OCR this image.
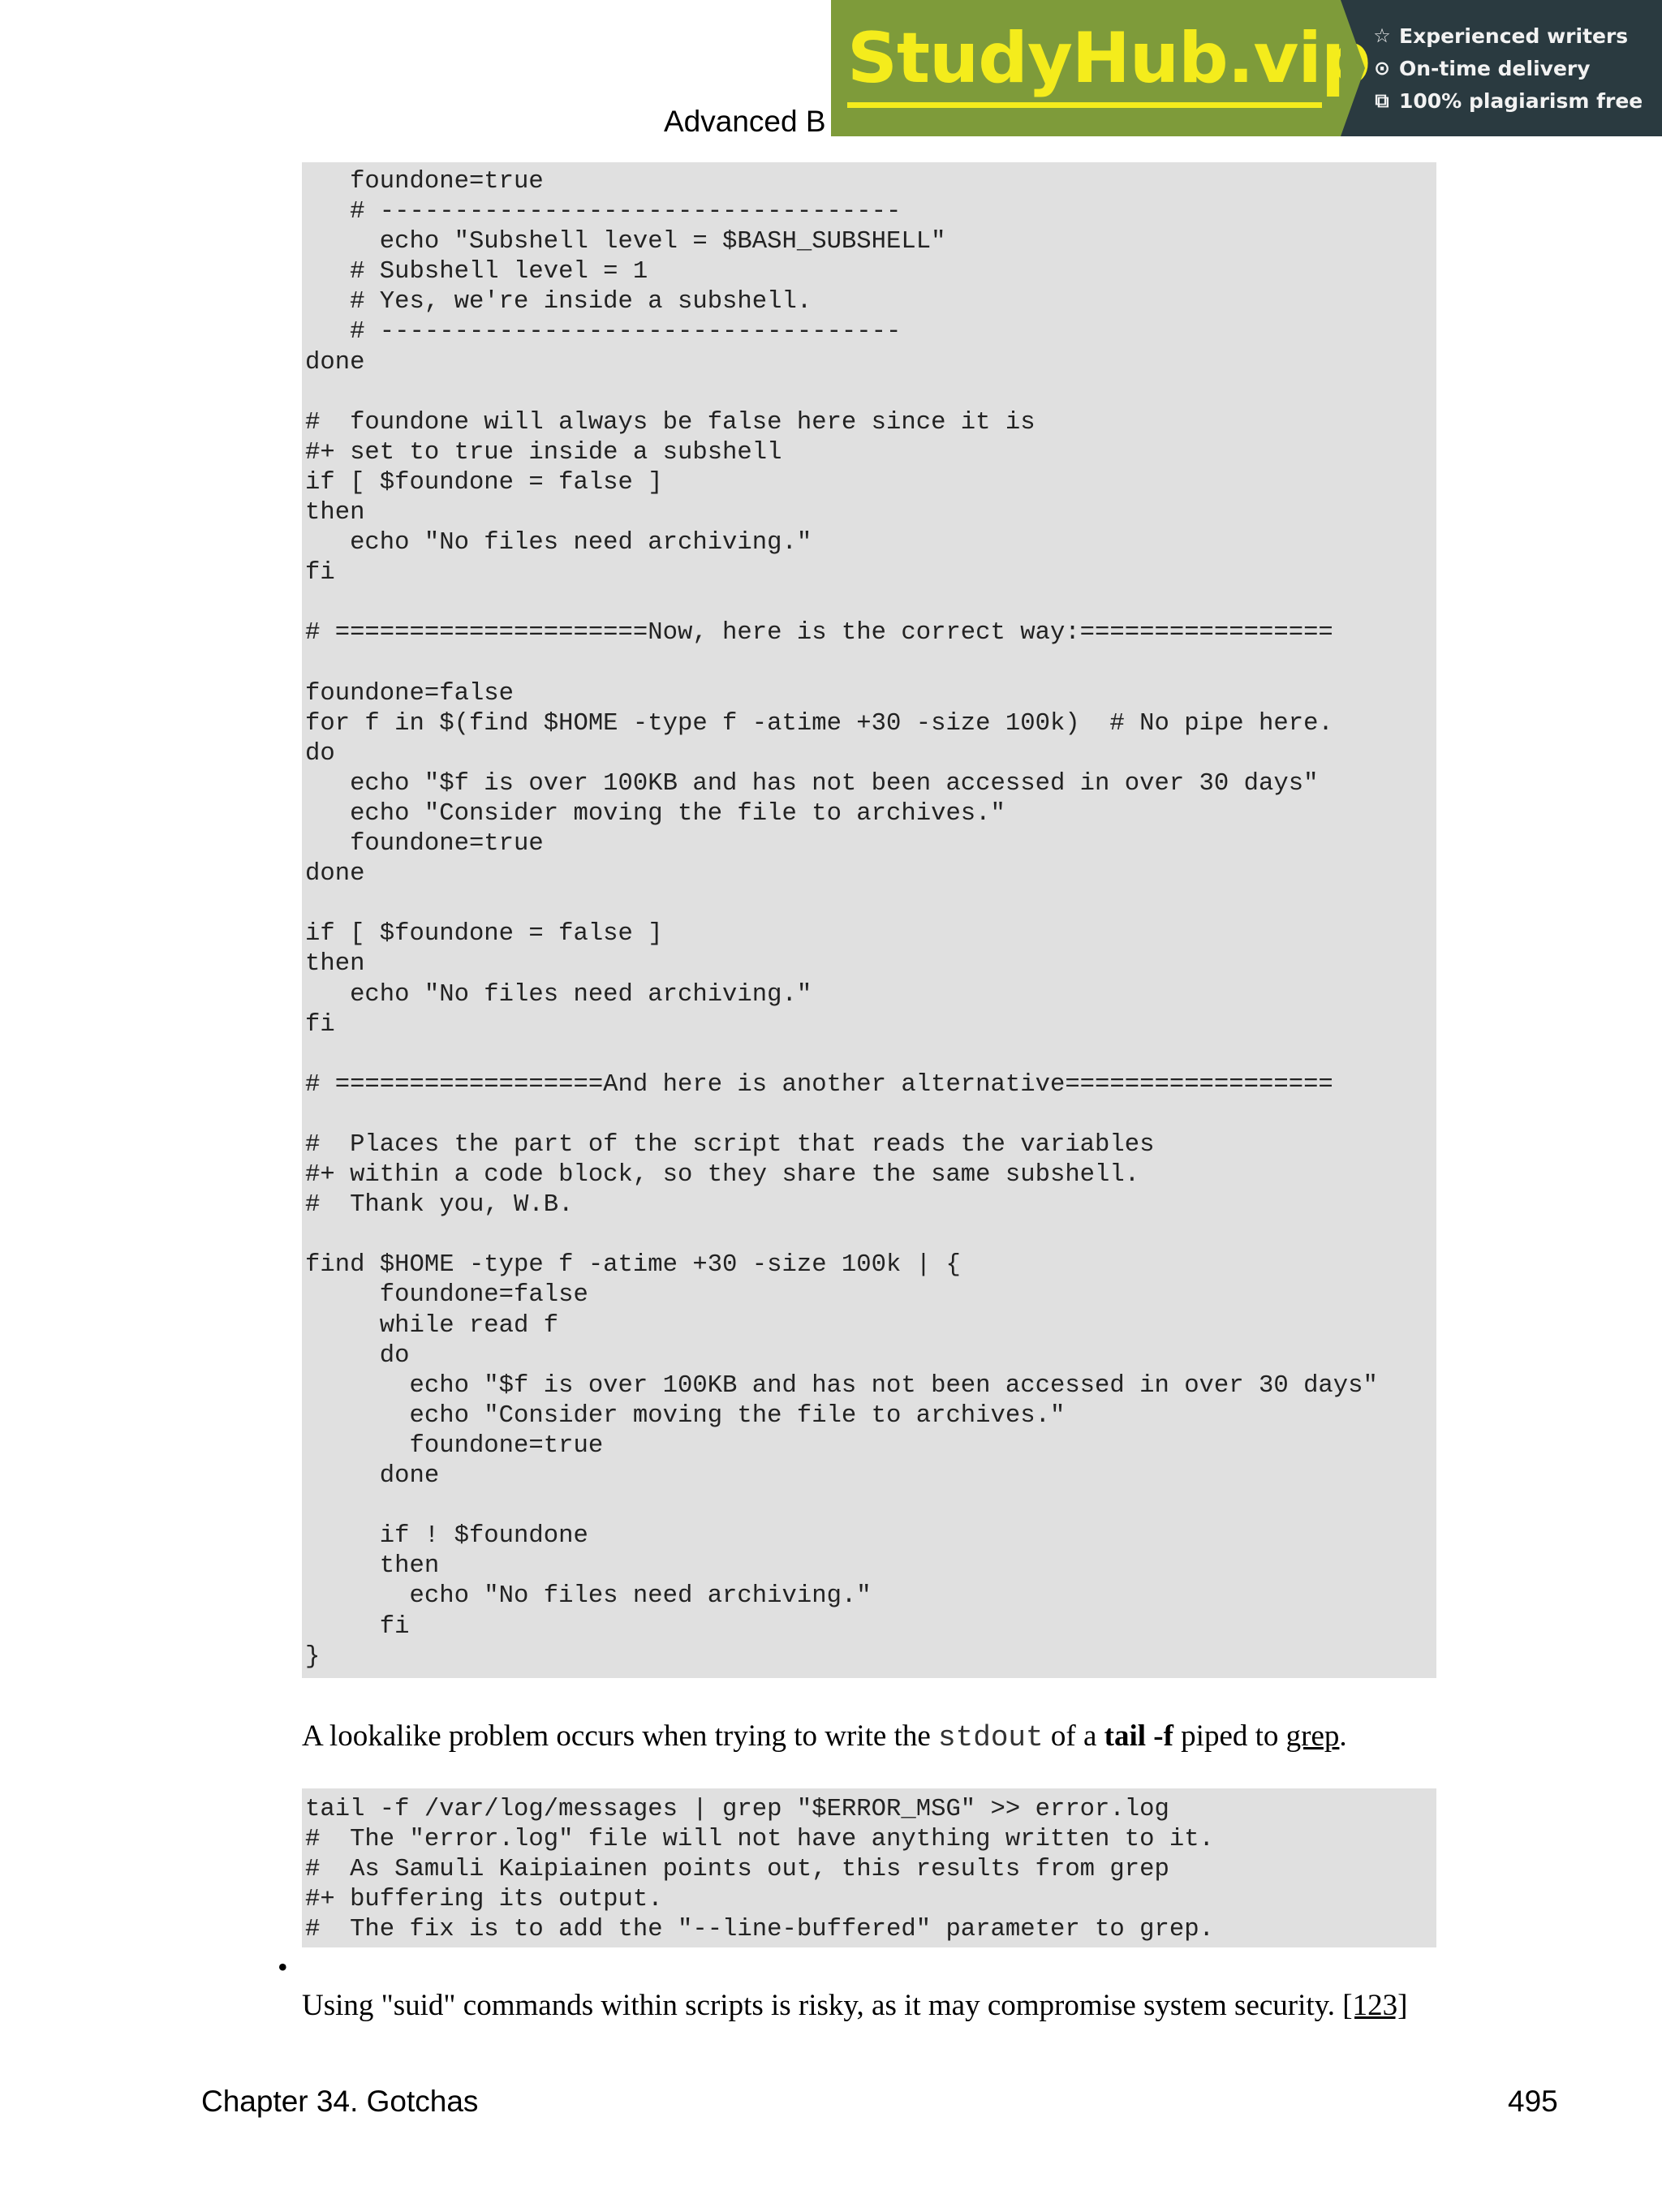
Advanced B
StudyHub.vip ☆ Experienced writers
⊙ On-time delivery
⧉ 100% plagiarism free
foundone=true
# -----------------------------------
echo "Subshell level = $BASH_SUBSHELL"
# Subshell level = 1
# Yes, we're inside a subshell.
# -----------------------------------
done

#  foundone will always be false here since it is
#+ set to true inside a subshell
if [ $foundone = false ]
then
echo "No files need archiving."
fi

# =====================Now, here is the correct way:=================

foundone=false
for f in $(find $HOME -type f -atime +30 -size 100k)  # No pipe here.
do
echo "$f is over 100KB and has not been accessed in over 30 days"
echo "Consider moving the file to archives."
foundone=true
done

if [ $foundone = false ]
then
echo "No files need archiving."
fi

# ==================And here is another alternative==================

#  Places the part of the script that reads the variables
#+ within a code block, so they share the same subshell.
#  Thank you, W.B.

find $HOME -type f -atime +30 -size 100k | {
foundone=false
while read f
do
echo "$f is over 100KB and has not been accessed in over 30 days"
echo "Consider moving the file to archives."
foundone=true
done

if ! $foundone
then
echo "No files need archiving."
fi
}
A lookalike problem occurs when trying to write the stdout of a tail -f piped to grep.
tail -f /var/log/messages | grep "$ERROR_MSG" >> error.log
#  The "error.log" file will not have anything written to it.
#  As Samuli Kaipiainen points out, this results from grep
#+ buffering its output.
#  The fix is to add the "--line-buffered" parameter to grep.
•
Using "suid" commands within scripts is risky, as it may compromise system security. [123]
Chapter 34. Gotchas	495
